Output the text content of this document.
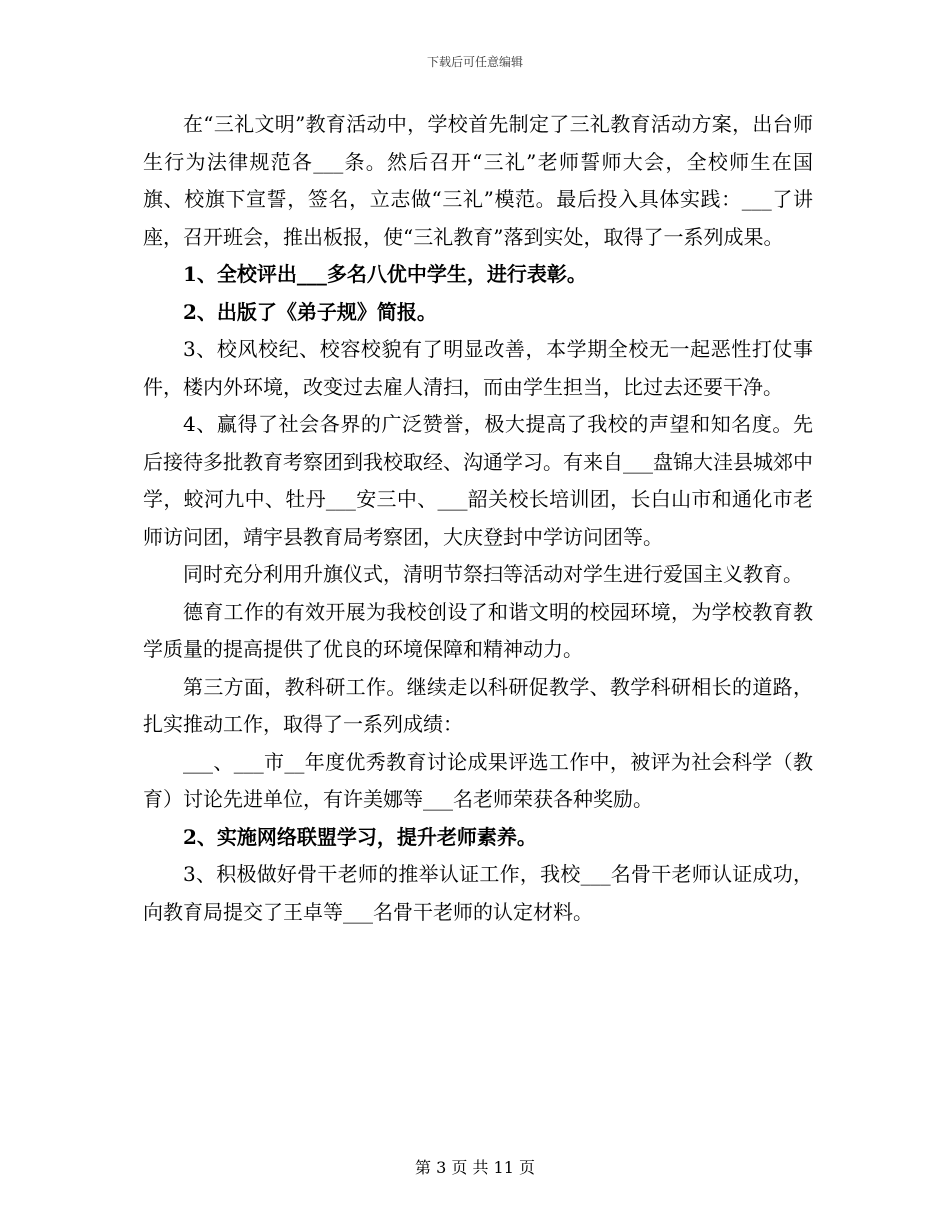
下载后可任意编辑

在“三礼文明”教育活动中，学校首先制定了三礼教育活动方案，出台师生行为法律规范各___条。然后召开“三礼”老师誓师大会，全校师生在国旗、校旗下宣誓，签名，立志做“三礼”模范。最后投入具体实践：___了讲座，召开班会，推出板报，使“三礼教育”落到实处，取得了一系列成果。

1、全校评出___多名八优中学生，进行表彰。

2、出版了《弟子规》简报。

3、校风校纪、校容校貌有了明显改善，本学期全校无一起恶性打仗事件，楼内外环境，改变过去雇人清扫，而由学生担当，比过去还要干净。

4、赢得了社会各界的广泛赞誉，极大提高了我校的声望和知名度。先后接待多批教育考察团到我校取经、沟通学习。有来自___盘锦大洼县城郊中学，蛟河九中、牡丹___安三中、___韶关校长培训团，长白山市和通化市老师访问团，靖宇县教育局考察团，大庆登封中学访问团等。

同时充分利用升旗仪式，清明节祭扫等活动对学生进行爱国主义教育。

德育工作的有效开展为我校创设了和谐文明的校园环境，为学校教育教学质量的提高提供了优良的环境保障和精神动力。

第三方面，教科研工作。继续走以科研促教学、教学科研相长的道路，扎实推动工作，取得了一系列成绩：

___、___市__年度优秀教育讨论成果评选工作中，被评为社会科学（教育）讨论先进单位，有许美娜等___名老师荣获各种奖励。

2、实施网络联盟学习，提升老师素养。

3、积极做好骨干老师的推举认证工作，我校___名骨干老师认证成功，向教育局提交了王卓等___名骨干老师的认定材料。

第 3 页 共 11 页
